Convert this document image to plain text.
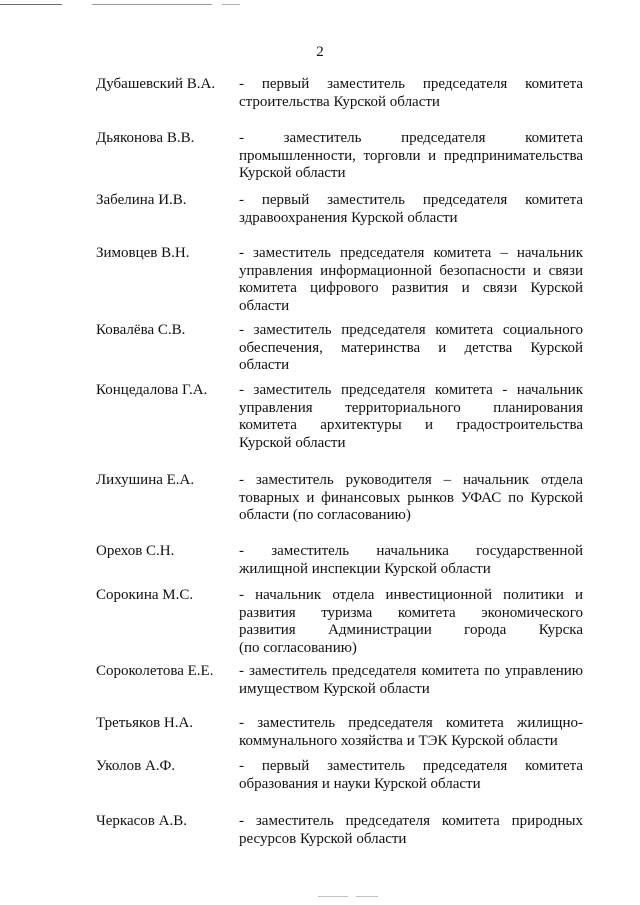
2
Дубашевский В.А. - первый заместитель председателя комитета
строительства Курской области
Дьяконова В.В.	- заместитель председателя комитета
промышленности, торговли и предпринимательства
Курской области
Забелина И.В.	- первый заместитель председателя комитета
здравоохранения Курской области
Зимовцев В.Н.	- заместитель председателя комитета – начальник
управления информационной безопасности и связи
комитета цифрового развития и связи Курской
области
Ковалёва С.В.	- заместитель председателя комитета социального
обеспечения, материнства и детства Курской
области
Концедалова Г.А. - заместитель председателя комитета - начальник
управления территориального планирования
комитета архитектуры и градостроительства
Курской области
Лихушина Е.А.	- заместитель руководителя – начальник отдела
товарных и финансовых рынков УФАС по Курской
области (по согласованию)
Орехов С.Н.	- заместитель начальника государственной
жилищной инспекции Курской области
Сорокина М.С.	- начальник отдела инвестиционной политики и
развития туризма комитета экономического
развития Администрации города Курска
(по согласованию)
Сороколетова Е.Е. - заместитель председателя комитета по управлению
имуществом Курской области
Третьяков Н.А.	- заместитель председателя комитета жилищно-
коммунального хозяйства и ТЭК Курской области
Уколов А.Ф.	- первый заместитель председателя комитета
образования и науки Курской области
Черкасов А.В.	- заместитель председателя комитета природных
ресурсов Курской области
